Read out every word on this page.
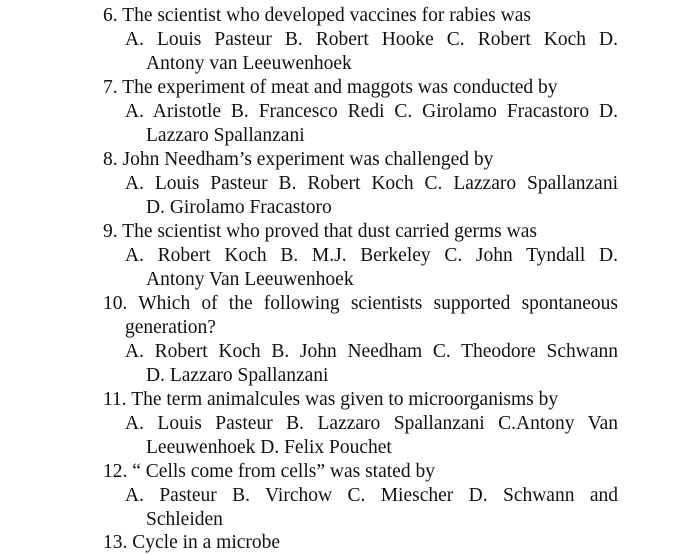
6. The scientist who developed vaccines for rabies was
A. Louis Pasteur B. Robert Hooke C. Robert Koch D.
Antony van Leeuwenhoek
7. The experiment of meat and maggots was conducted by
A. Aristotle B. Francesco Redi C. Girolamo Fracastoro D.
Lazzaro Spallanzani
8. John Needham’s experiment was challenged by
A. Louis Pasteur B. Robert Koch C. Lazzaro Spallanzani
D. Girolamo Fracastoro
9. The scientist who proved that dust carried germs was
A. Robert Koch B. M.J. Berkeley C. John Tyndall D.
Antony Van Leeuwenhoek
10. Which of the following scientists supported spontaneous
generation?
A. Robert Koch B. John Needham C. Theodore Schwann
D. Lazzaro Spallanzani
11. The term animalcules was given to microorganisms by
A. Louis Pasteur B. Lazzaro Spallanzani C.Antony Van
Leeuwenhoek D. Felix Pouchet
12. “ Cells come from cells” was stated by
A. Pasteur B. Virchow C. Miescher D. Schwann and
Schleiden
13. Cycle in a microbe
